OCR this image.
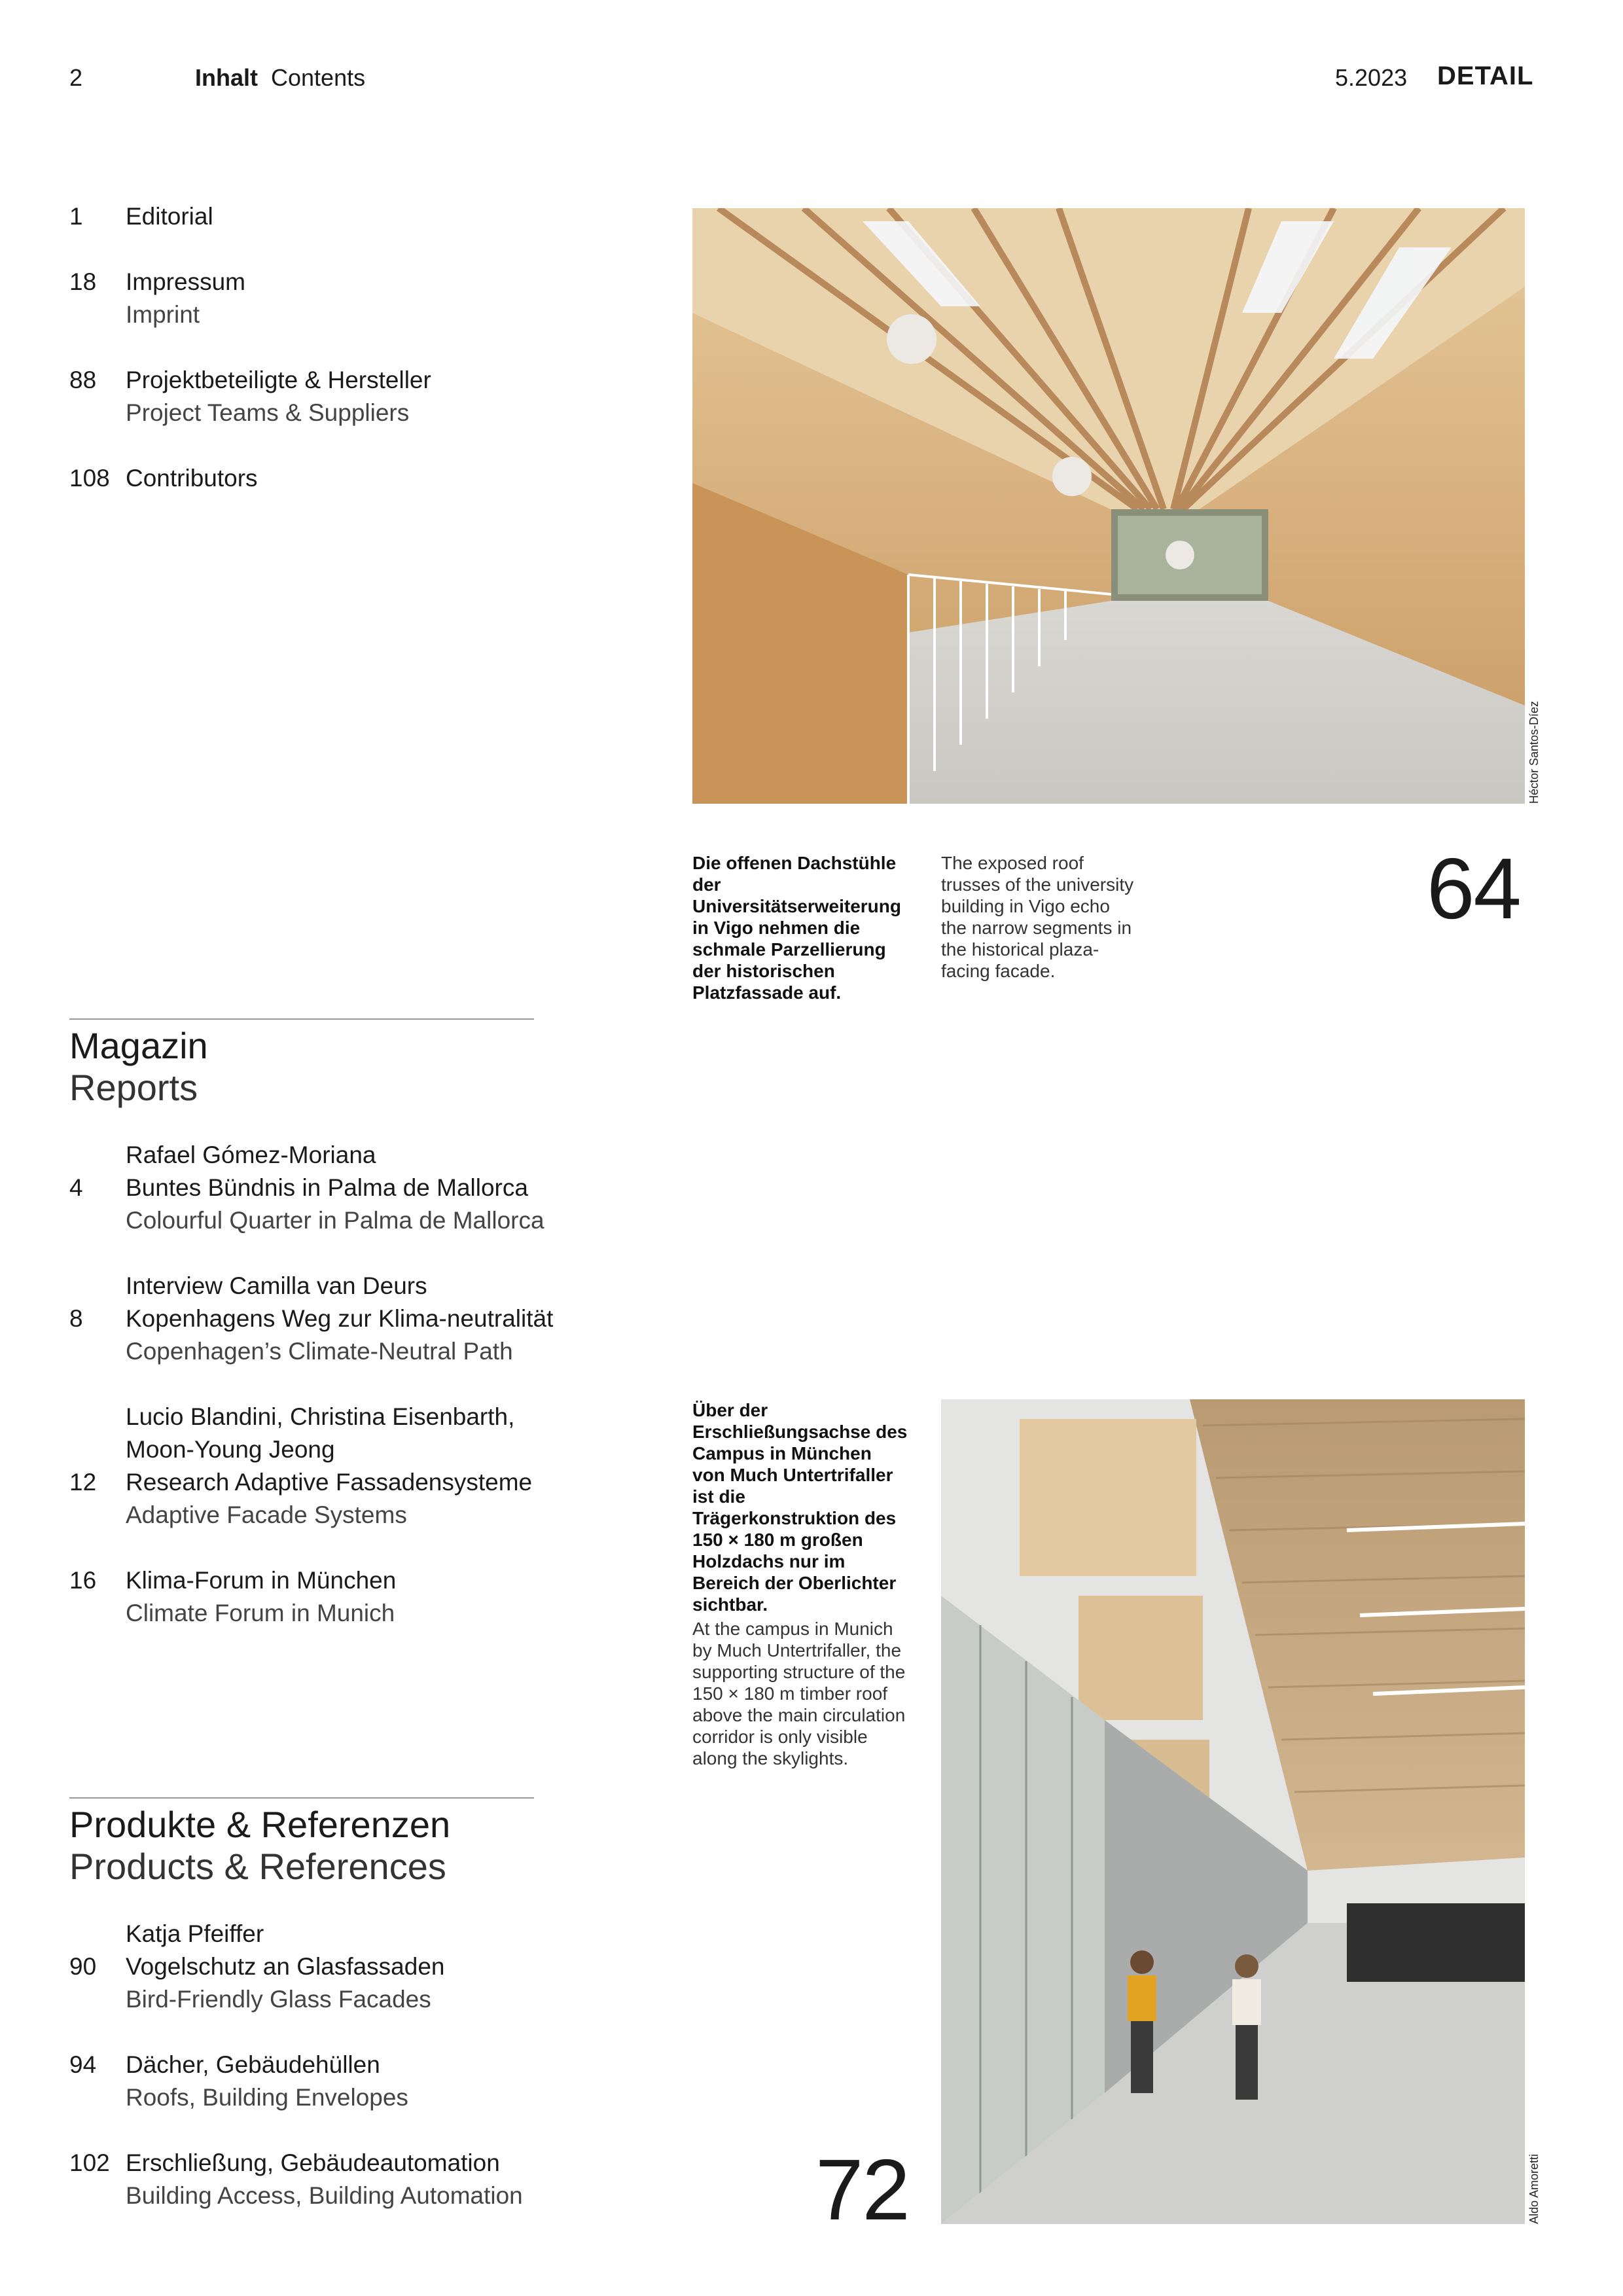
2	Inhalt Contents	5.2023 DETAIL
1 Editorial
18 Impressum
Imprint
88 Projektbeteiligte & Hersteller
Project Teams & Suppliers
108 Contributors
Magazin
Reports
Rafael Gómez-Moriana
4 Buntes Bündnis in Palma de Mallorca
Colourful Quarter in Palma de Mallorca
Interview Camilla van Deurs
8 Kopenhagens Weg zur Klima-neutralität
Copenhagen’s Climate-Neutral Path
Lucio Blandini, Christina Eisenbarth, Moon-Young Jeong
12 Research Adaptive Fassadensysteme
Adaptive Facade Systems
16 Klima-Forum in München
Climate Forum in Munich
Produkte & Referenzen
Products & References
Katja Pfeiffer
90 Vogelschutz an Glasfassaden
Bird-Friendly Glass Facades
94 Dächer, Gebäudehüllen
Roofs, Building Envelopes
102 Erschließung, Gebäudeautomation
Building Access, Building Automation
Héctor Santos-Díez
Die offenen Dachstühle der Universitätserweiterung in Vigo nehmen die schmale Parzellierung der historischen Platzfassade auf.
The exposed roof trusses of the university building in Vigo echo the narrow segments in the historical plaza-facing facade.
64
Über der Erschließungsachse des Campus in München von Much Untertrifaller ist die Trägerkonstruktion des 150 × 180 m großen Holzdachs nur im Bereich der Oberlichter sichtbar.
At the campus in Munich by Much Untertrifaller, the supporting structure of the 150 × 180 m timber roof above the main circulation corridor is only visible along the skylights.
72	Aldo Amoretti
